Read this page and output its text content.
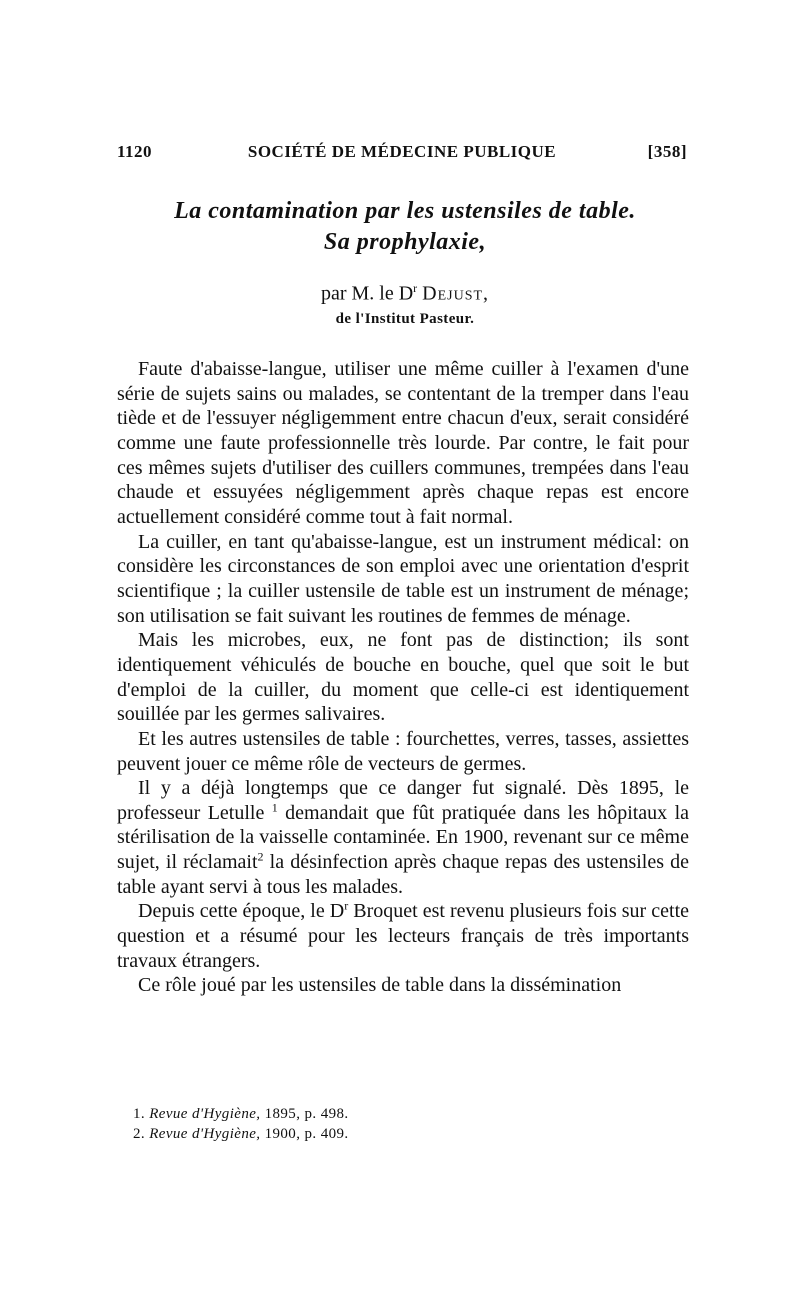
1120	SOCIÉTÉ DE MÉDECINE PUBLIQUE	[358]
La contamination par les ustensiles de table.
Sa prophylaxie,
par M. le $D^r$ Dejust,
de l'Institut Pasteur.

Faute d'abaisse-langue, utiliser une même cuiller à l'examen d'une série de sujets sains ou malades, se contentant de la tremper dans l'eau tiède et de l'essuyer négligemment entre chacun d'eux, serait considéré comme une faute professionnelle très lourde. Par contre, le fait pour ces mêmes sujets d'utiliser des cuillers communes, trempées dans l'eau chaude et essuyées négligemment après chaque repas est encore actuellement considéré comme tout à fait normal.

La cuiller, en tant qu'abaisse-langue, est un instrument médical: on considère les circonstances de son emploi avec une orientation d'esprit scientifique ; la cuiller ustensile de table est un instrument de ménage; son utilisation se fait suivant les routines de femmes de ménage.

Mais les microbes, eux, ne font pas de distinction; ils sont identiquement véhiculés de bouche en bouche, quel que soit le but d'emploi de la cuiller, du moment que celle-ci est identiquement souillée par les germes salivaires.

Et les autres ustensiles de table : fourchettes, verres, tasses, assiettes peuvent jouer ce même rôle de vecteurs de germes.

Il y a déjà longtemps que ce danger fut signalé. Dès 1895, le professeur Letulle $^1$ demandait que fût pratiquée dans les hôpitaux la stérilisation de la vaisselle contaminée. En 1900, revenant sur ce même sujet, il réclamait$^2$ la désinfection après chaque repas des ustensiles de table ayant servi à tous les malades.

Depuis cette époque, le $D^r$ Broquet est revenu plusieurs fois sur cette question et a résumé pour les lecteurs français de très importants travaux étrangers.

Ce rôle joué par les ustensiles de table dans la dissémination

1. Revue d'Hygiène, 1895, p. 498.

2. Revue d'Hygiène, 1900, p. 409.
